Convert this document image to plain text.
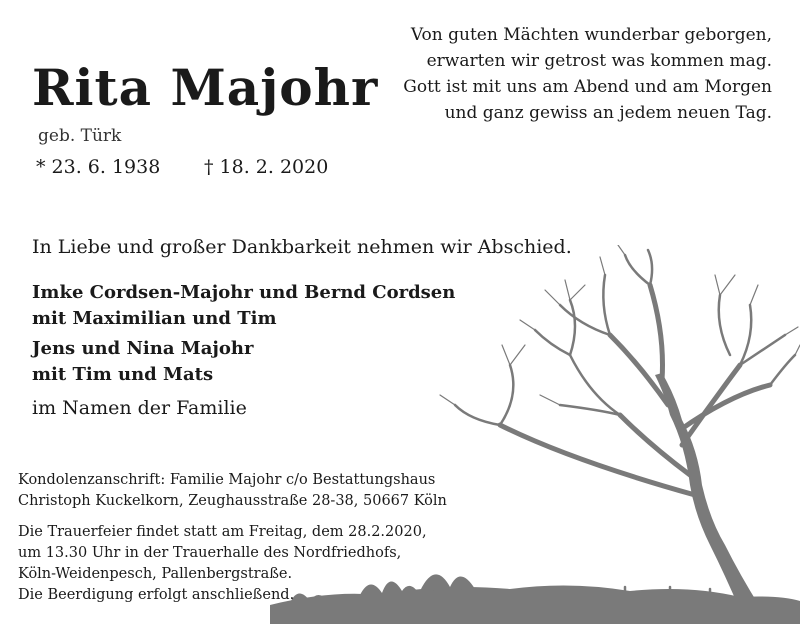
Von guten Mächten wunderbar geborgen,
erwarten wir getrost was kommen mag.
Gott ist mit uns am Abend und am Morgen
und ganz gewiss an jedem neuen Tag.
Rita Majohr
geb. Türk
* 23. 6. 1938 † 18. 2. 2020
In Liebe und großer Dankbarkeit nehmen wir Abschied.
Imke Cordsen-Majohr und Bernd Cordsen
mit Maximilian und Tim
Jens und Nina Majohr
mit Tim und Mats
im Namen der Familie
Kondolenzanschrift: Familie Majohr c/o Bestattungshaus
Christoph Kuckelkorn, Zeughausstraße 28-38, 50667 Köln
Die Trauerfeier findet statt am Freitag, dem 28.2.2020,
um 13.30 Uhr in der Trauerhalle des Nordfriedhofs,
Köln-Weidenpesch, Pallenbergstraße.
Die Beerdigung erfolgt anschließend.
